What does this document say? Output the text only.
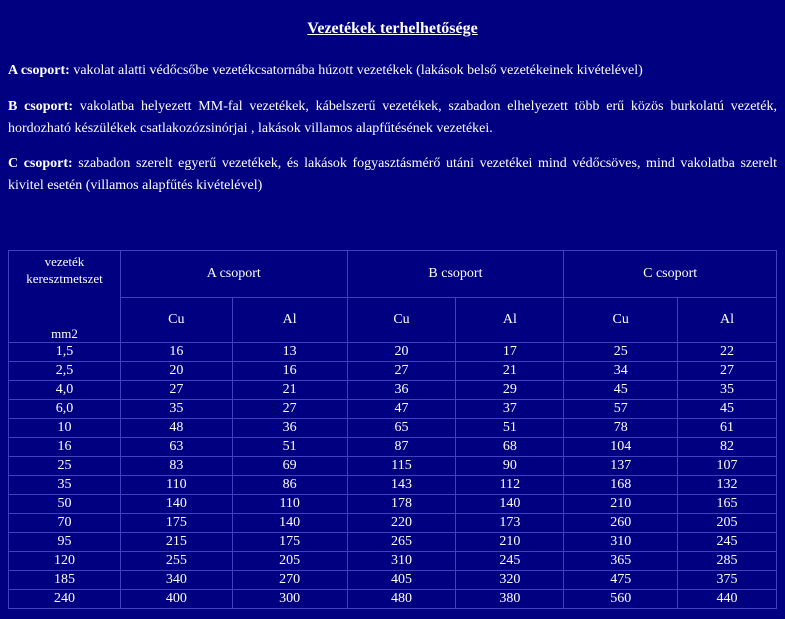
Vezetékek terhelhetősége
A csoport: vakolat alatti védőcsőbe vezetékcsatornába húzott vezetékek (lakások belső vezetékeinek kivételével)
B csoport: vakolatba helyezett MM-fal vezetékek, kábelszerű vezetékek, szabadon elhelyezett több erű közös burkolatú vezeték, hordozható készülékek csatlakozózsinórjai , lakások villamos alapfűtésének vezetékei.
C csoport: szabadon szerelt egyerű vezetékek, és lakások fogyasztásmérő utáni vezetékei mind védőcsöves, mind vakolatba szerelt kivitel esetén (villamos alapfűtés kivételével)
vezeték
keresztmetszet
mm2	A csoport		B csoport		C csoport	
	Cu	Al	Cu	Al	Cu	Al
1,5	16	13	20	17	25	22
2,5	20	16	27	21	34	27
4,0	27	21	36	29	45	35
6,0	35	27	47	37	57	45
10	48	36	65	51	78	61
16	63	51	87	68	104	82
25	83	69	115	90	137	107
35	110	86	143	112	168	132
50	140	110	178	140	210	165
70	175	140	220	173	260	205
95	215	175	265	210	310	245
120	255	205	310	245	365	285
185	340	270	405	320	475	375
240	400	300	480	380	560	440
